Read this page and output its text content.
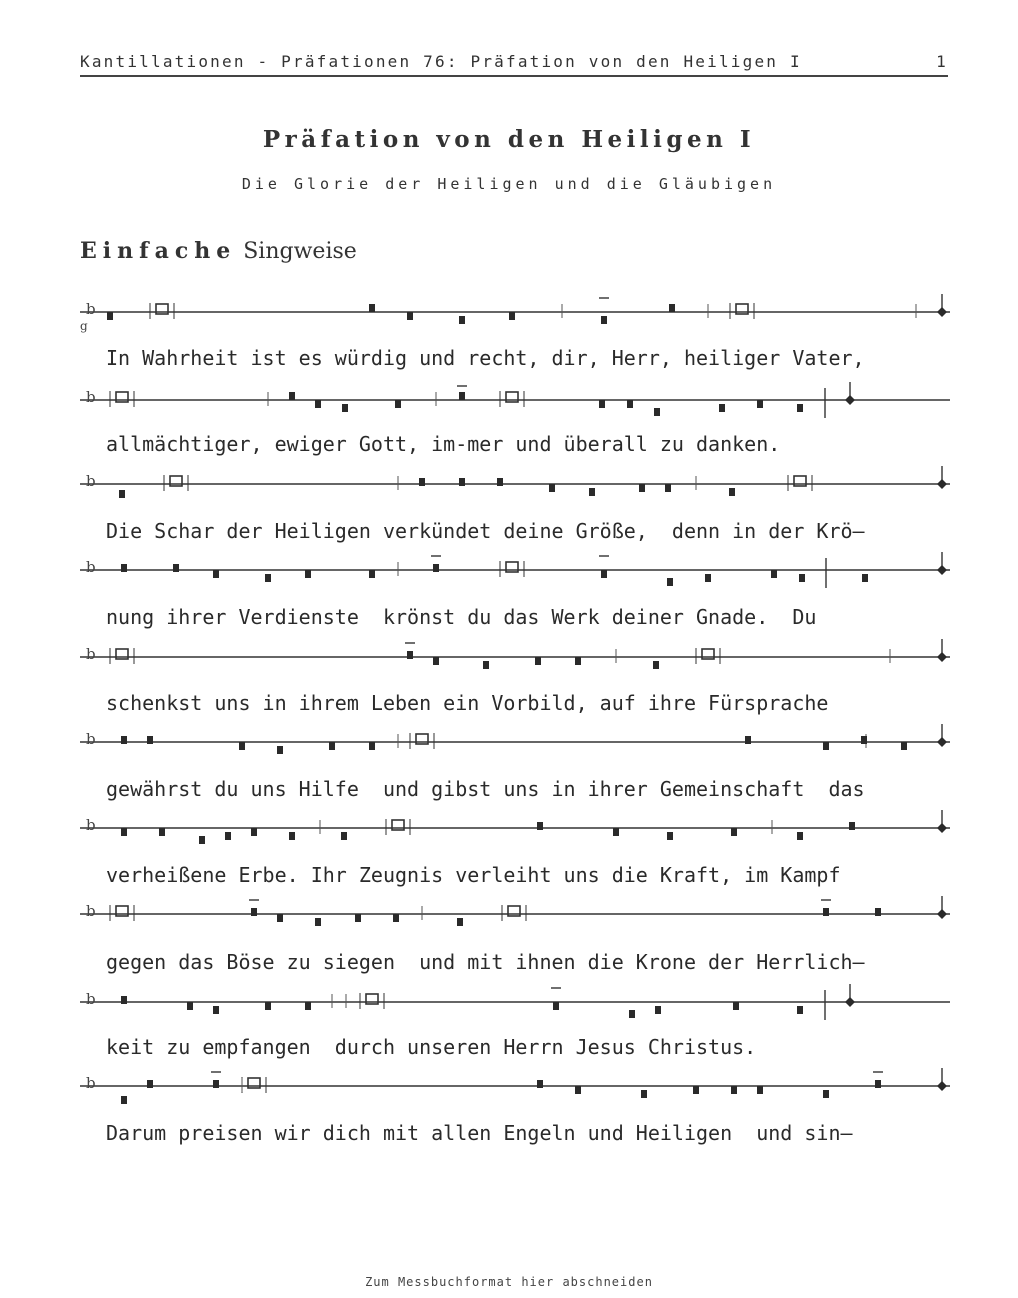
Kantillationen - Präfationen 76: Präfation von den Heiligen I	1
Präfation von den Heiligen I
Die Glorie der Heiligen und die Gläubigen
Einfache Singweise
b
g
In Wahrheit ist es würdig und recht, dir, Herr, heiliger Vater,
b
allmächtiger, ewiger Gott, im-mer und überall zu danken.
b
Die Schar der Heiligen verkündet deine Größe,  denn in der Krö–
b
nung ihrer Verdienste  krönst du das Werk deiner Gnade.  Du
b
schenkst uns in ihrem Leben ein Vorbild, auf ihre Fürsprache
b
gewährst du uns Hilfe  und gibst uns in ihrer Gemeinschaft  das
b
verheißene Erbe. Ihr Zeugnis verleiht uns die Kraft, im Kampf
b
gegen das Böse zu siegen  und mit ihnen die Krone der Herrlich–
b
keit zu empfangen  durch unseren Herrn Jesus Christus.
b
Darum preisen wir dich mit allen Engeln und Heiligen  und sin–
Zum Messbuchformat hier abschneiden
